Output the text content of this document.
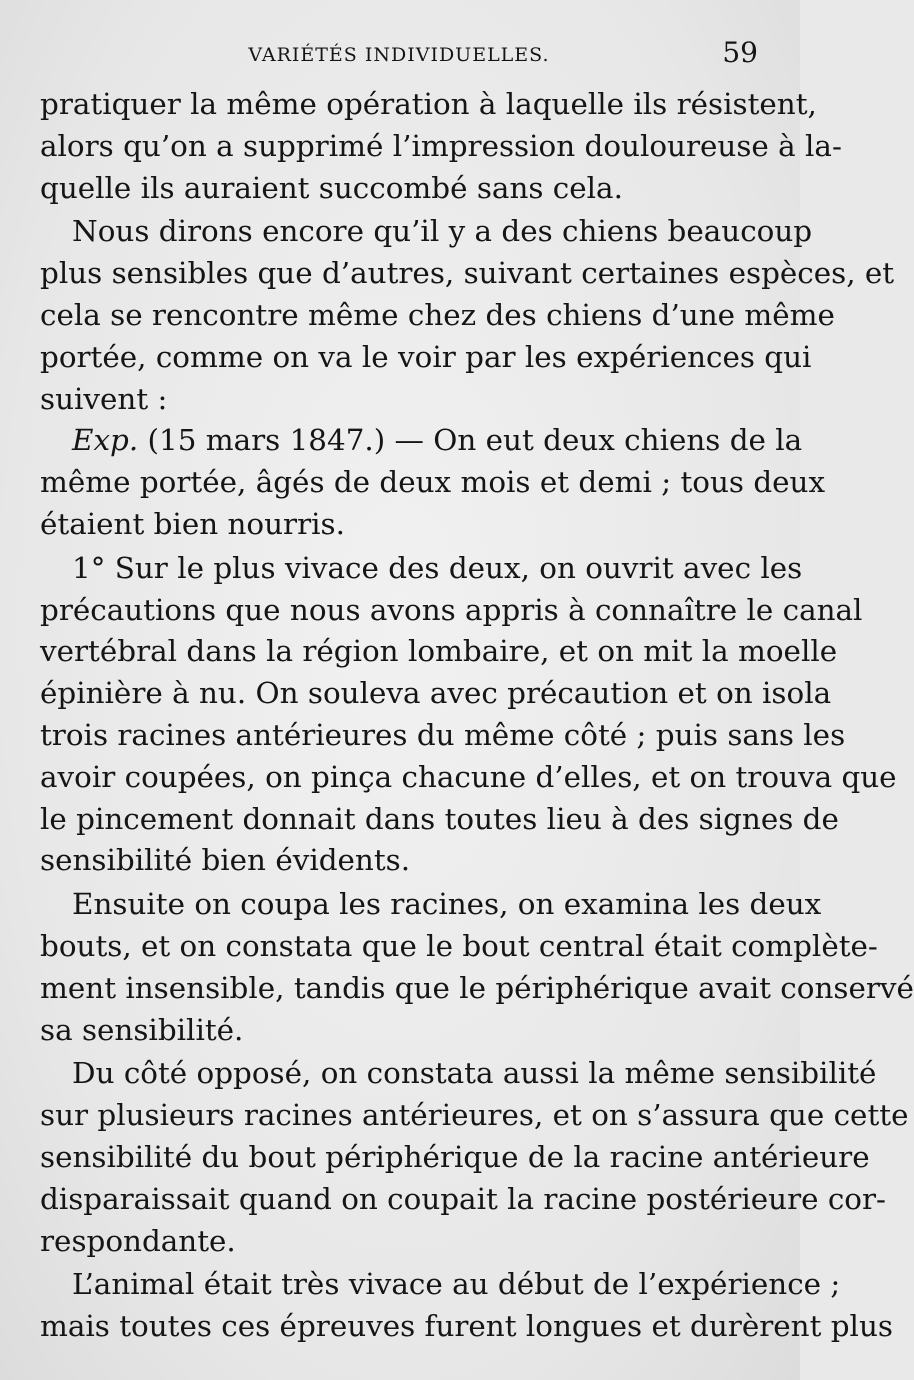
VARIÉTÉS INDIVIDUELLES.	59
pratiquer la même opération à laquelle ils résistent,
alors qu’on a supprimé l’impression douloureuse à la-
quelle ils auraient succombé sans cela.
Nous dirons encore qu’il y a des chiens beaucoup
plus sensibles que d’autres, suivant certaines espèces, et
cela se rencontre même chez des chiens d’une même
portée, comme on va le voir par les expériences qui
suivent :
Exp. (15 mars 1847.) — On eut deux chiens de la
même portée, âgés de deux mois et demi ; tous deux
étaient bien nourris.
1° Sur le plus vivace des deux, on ouvrit avec les
précautions que nous avons appris à connaître le canal
vertébral dans la région lombaire, et on mit la moelle
épinière à nu. On souleva avec précaution et on isola
trois racines antérieures du même côté ; puis sans les
avoir coupées, on pinça chacune d’elles, et on trouva que
le pincement donnait dans toutes lieu à des signes de
sensibilité bien évidents.
Ensuite on coupa les racines, on examina les deux
bouts, et on constata que le bout central était complète-
ment insensible, tandis que le périphérique avait conservé
sa sensibilité.
Du côté opposé, on constata aussi la même sensibilité
sur plusieurs racines antérieures, et on s’assura que cette
sensibilité du bout périphérique de la racine antérieure
disparaissait quand on coupait la racine postérieure cor-
respondante.
L’animal était très vivace au début de l’expérience ;
mais toutes ces épreuves furent longues et durèrent plus
